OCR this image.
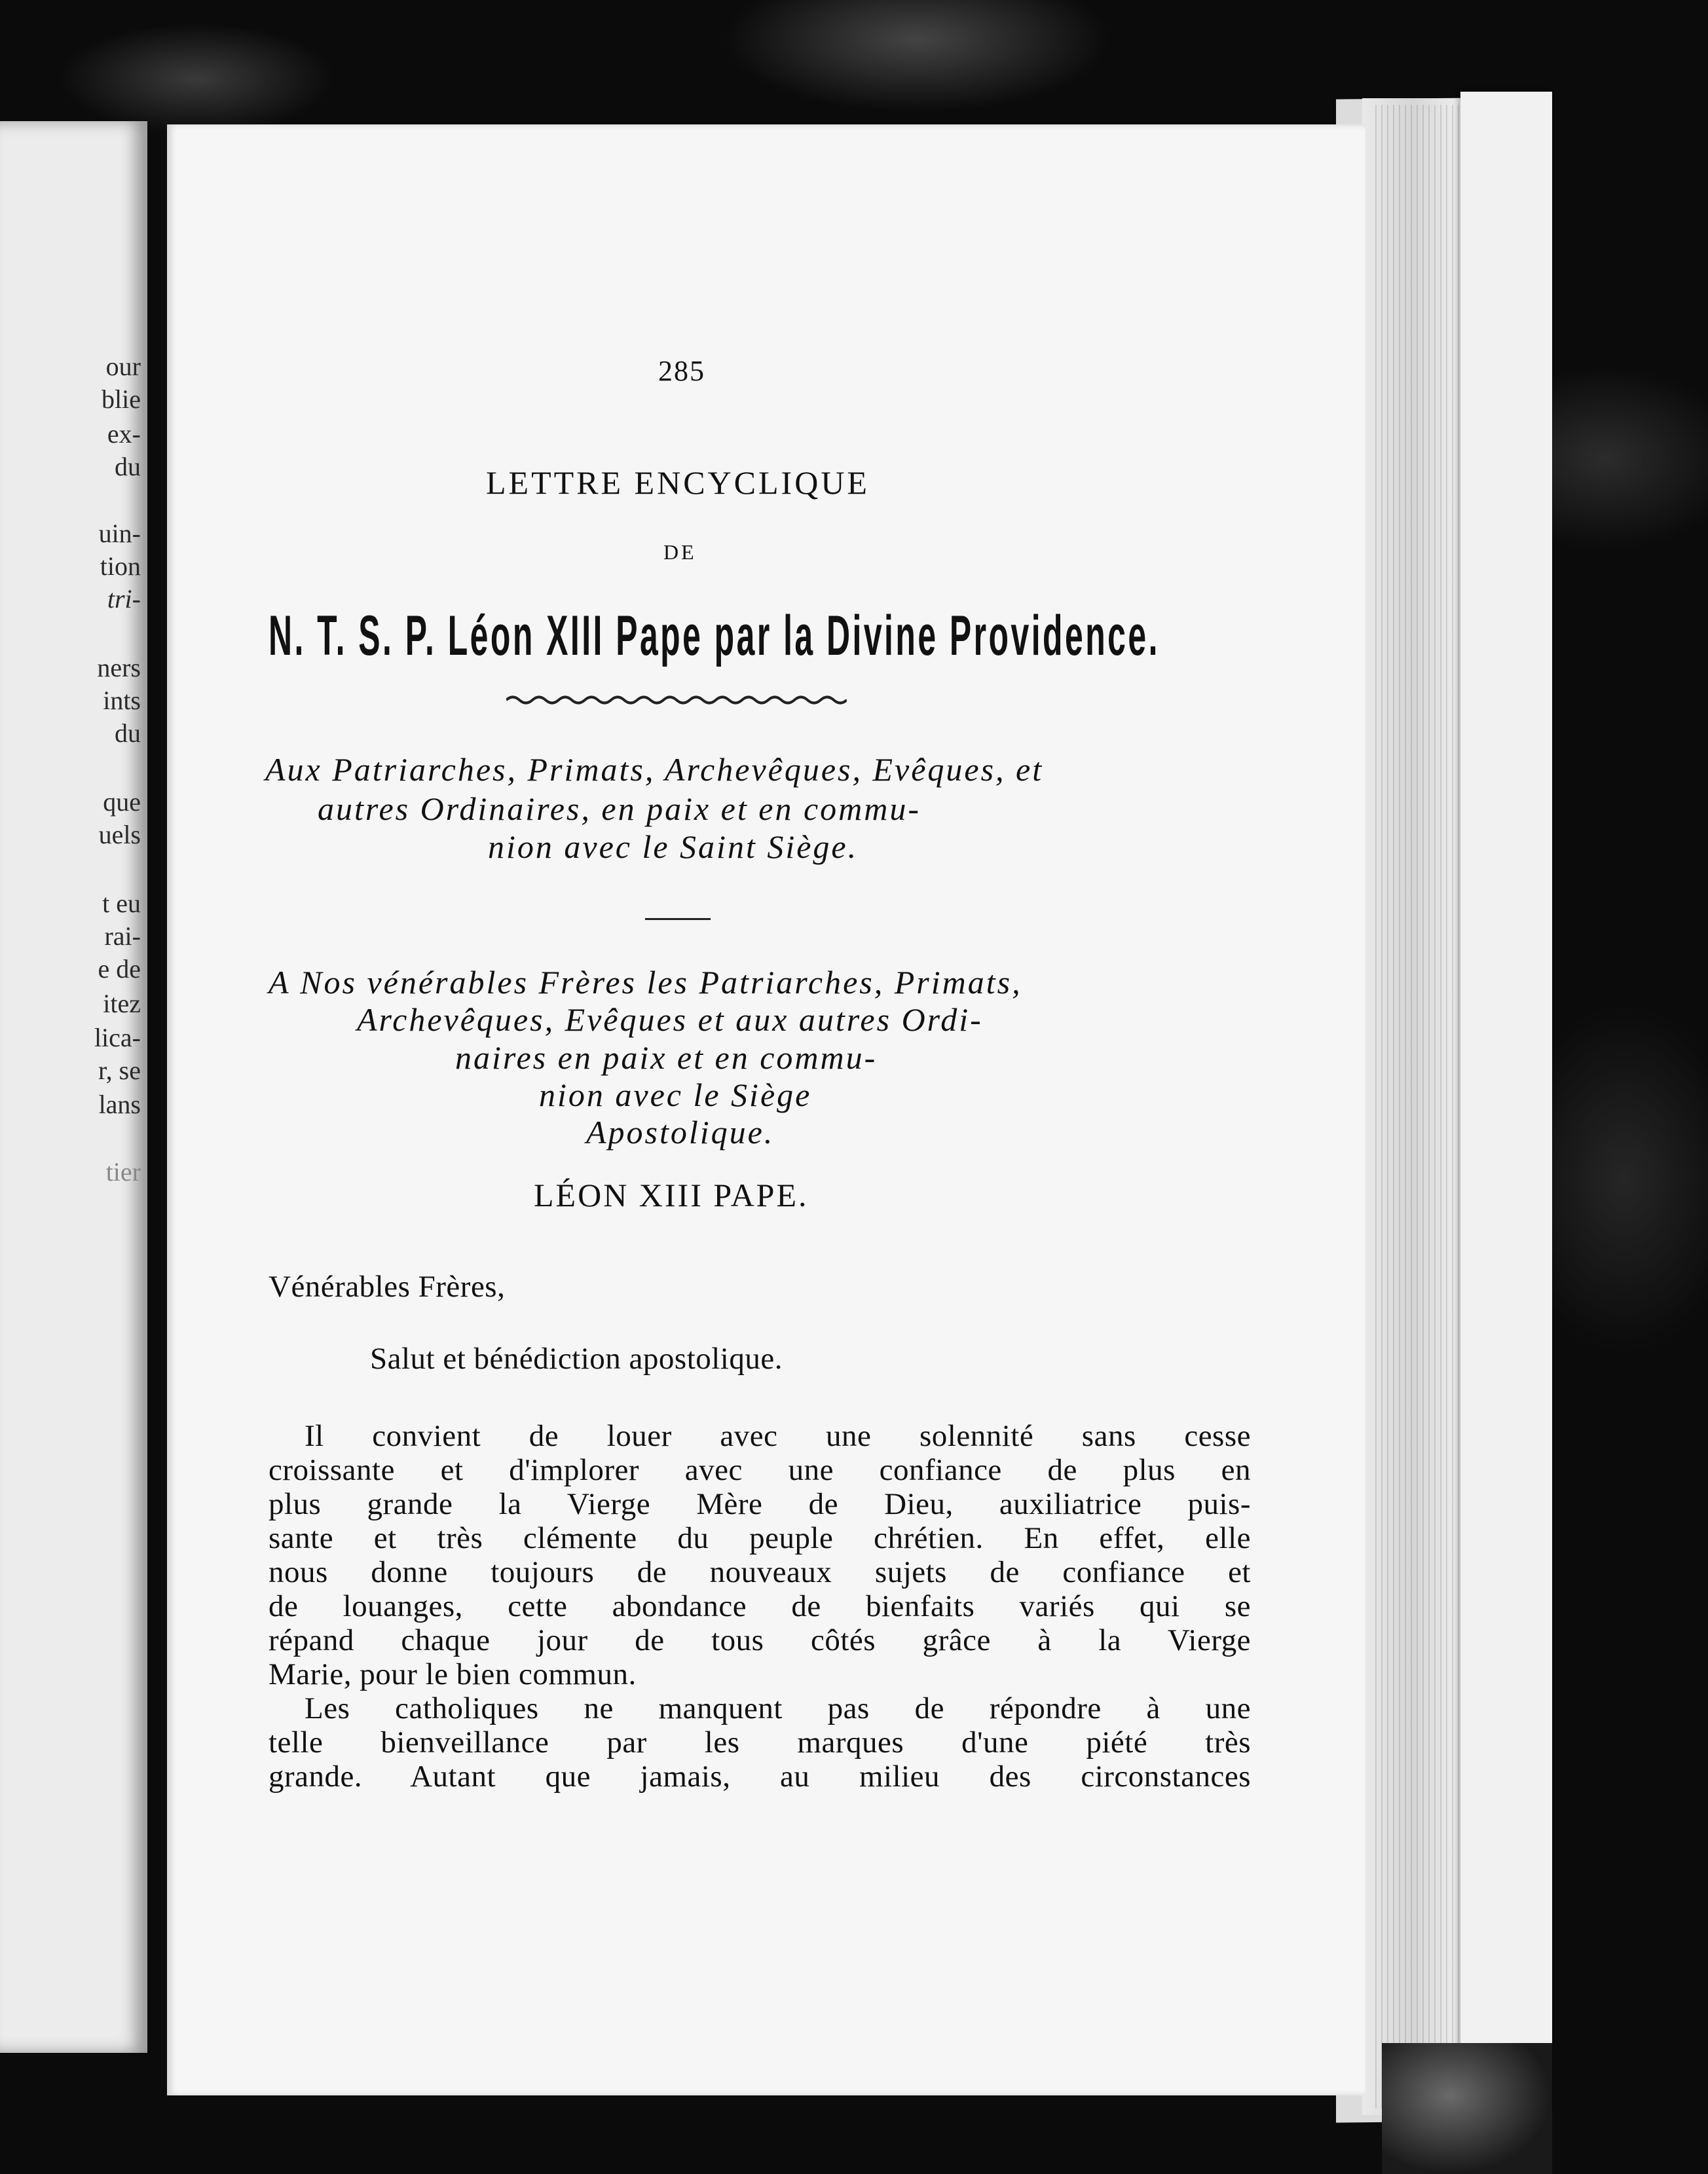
our
blie
ex-
du
uin-
tion
tri-
ners
ints
du
que
uels
t eu
rai-
e de
itez
lica-
r, se
lans
tier
285
LETTRE ENCYCLIQUE
DE
N. T. S. P. Léon XIII Pape par la Divine Providence.
Aux Patriarches, Primats, Archevêques, Evêques, et
autres Ordinaires, en paix et en commu-
nion avec le Saint Siège.
A Nos vénérables Frères les Patriarches, Primats,
Archevêques, Evêques et aux autres Ordi-
naires en paix et en commu-
nion avec le Siège
Apostolique.
LÉON XIII PAPE.
Vénérables Frères,
Salut et bénédiction apostolique.
Il convient de louer avec une solennité sans cesse
croissante et d'implorer avec une confiance de plus en
plus grande la Vierge Mère de Dieu, auxiliatrice puis-
sante et très clémente du peuple chrétien. En effet, elle
nous donne toujours de nouveaux sujets de confiance et
de louanges, cette abondance de bienfaits variés qui se
répand chaque jour de tous côtés grâce à la Vierge
Marie, pour le bien commun.
Les catholiques ne manquent pas de répondre à une
telle bienveillance par les marques d'une piété très
grande. Autant que jamais, au milieu des circonstances
